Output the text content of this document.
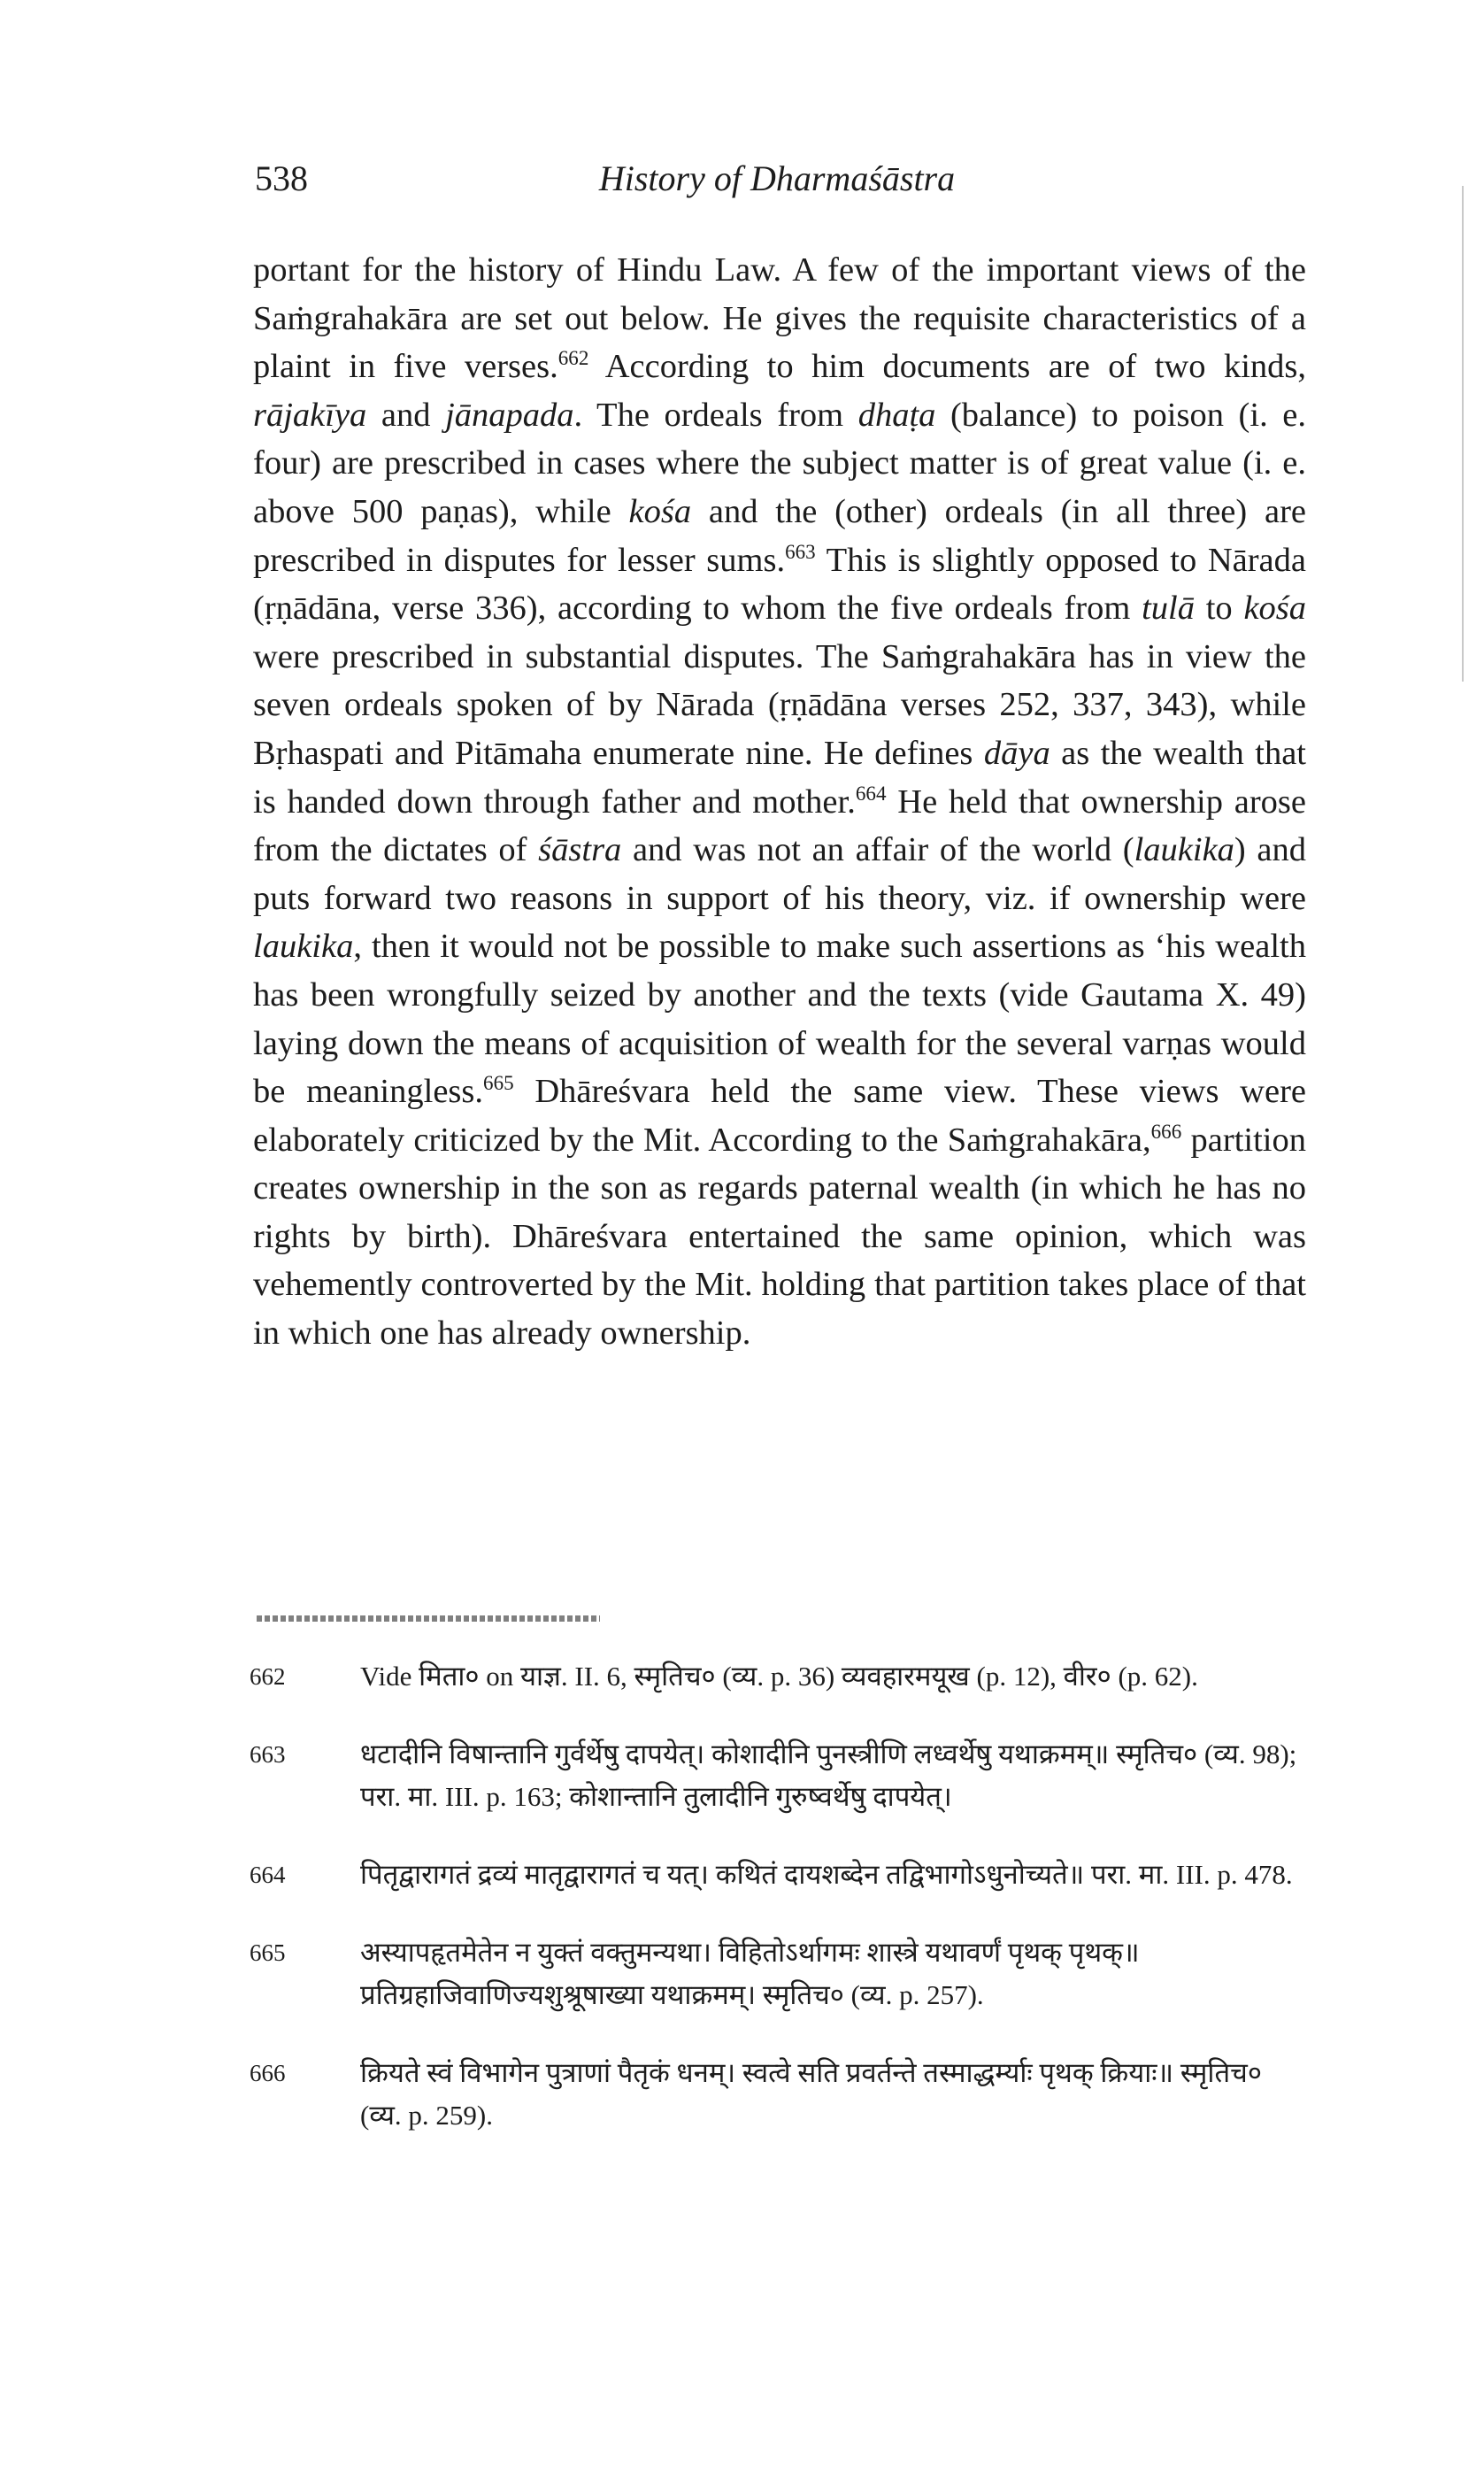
538	History of Dharmaśāstra

portant for the history of Hindu Law. A few of the important views of the Saṁgrahakāra are set out below. He gives the requisite characteristics of a plaint in five verses.$^{662}$ According to him documents are of two kinds, rājakīya and jānapada. The ordeals from dhaṭa (balance) to poison (i. e. four) are prescribed in cases where the subject matter is of great value (i. e. above 500 paṇas), while kośa and the (other) ordeals (in all three) are prescribed in disputes for lesser sums.$^{663}$ This is slightly opposed to Nārada (ṛṇādāna, verse 336), according to whom the five ordeals from tulā to kośa were prescribed in substantial disputes. The Saṁgrahakāra has in view the seven ordeals spoken of by Nārada (ṛṇādāna verses 252, 337, 343), while Bṛhaspati and Pitāmaha enumerate nine. He defines dāya as the wealth that is handed down through father and mother.$^{664}$ He held that ownership arose from the dictates of śāstra and was not an affair of the world (laukika) and puts forward two reasons in support of his theory, viz. if ownership were laukika, then it would not be possible to make such assertions as ‘his wealth has been wrongfully seized by another and the texts (vide Gautama X. 49) laying down the means of acquisition of wealth for the several varṇas would be meaningless.$^{665}$ Dhāreśvara held the same view. These views were elaborately criticized by the Mit. According to the Saṁgrahakāra,$^{666}$ partition creates ownership in the son as regards paternal wealth (in which he has no rights by birth). Dhāreśvara entertained the same opinion, which was vehemently controverted by the Mit. holding that partition takes place of that in which one has already ownership.

662	Vide मिता० on याज्ञ. II. 6, स्मृतिच० (व्य. p. 36) व्यवहारमयूख (p. 12), वीर० (p. 62).
663	धटादीनि विषान्तानि गुर्वर्थेषु दापयेत्। कोशादीनि पुनस्त्रीणि लध्वर्थेषु यथाक्रमम्॥ स्मृतिच० (व्य. 98); परा. मा. III. p. 163; कोशान्तानि तुलादीनि गुरुष्वर्थेषु दापयेत्।
664	पितृद्वारागतं द्रव्यं मातृद्वारागतं च यत्। कथितं दायशब्देन तद्विभागोऽधुनोच्यते॥ परा. मा. III. p. 478.
665	अस्यापहृतमेतेन न युक्तं वक्तुमन्यथा। विहितोऽर्थागमः शास्त्रे यथावर्णं पृथक् पृथक्॥ प्रतिग्रहाजिवाणिज्यशुश्रूषाख्या यथाक्रमम्। स्मृतिच० (व्य. p. 257).
666	क्रियते स्वं विभागेन पुत्राणां पैतृकं धनम्। स्वत्वे सति प्रवर्तन्ते तस्माद्धर्म्याः पृथक् क्रियाः॥ स्मृतिच० (व्य. p. 259).
